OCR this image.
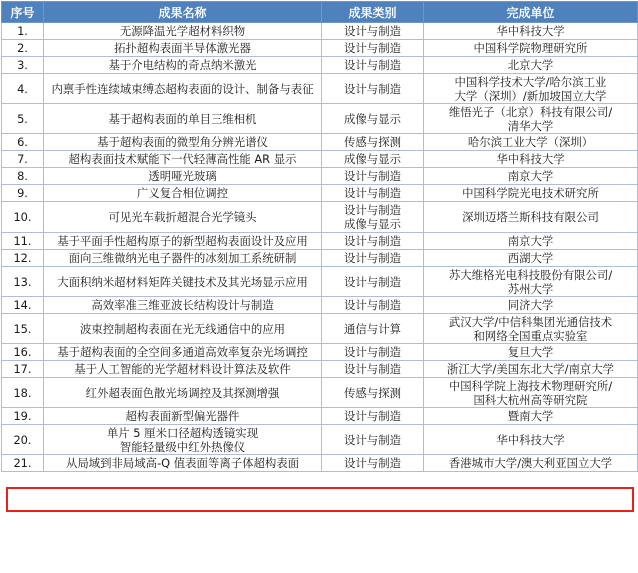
序号	成果名称	成果类别	完成单位
1.	无源降温光学超材料织物	设计与制造	华中科技大学

2.	拓扑超构表面半导体激光器	设计与制造	中国科学院物理研究所

3.	基于介电结构的奇点纳米激光	设计与制造	北京大学

4.	内禀手性连续域束缚态超构表面的设计、制备与表征	设计与制造	中国科学技术大学/哈尔滨工业
大学（深圳）/新加坡国立大学

5.	基于超构表面的单目三维相机	成像与显示	维悟光子（北京）科技有限公司/
清华大学

6.	基于超构表面的微型角分辨光谱仪	传感与探测	哈尔滨工业大学（深圳）

7.	超构表面技术赋能下一代轻薄高性能 AR 显示	成像与显示	华中科技大学

8.	透明哑光玻璃	设计与制造	南京大学

9.	广义复合相位调控	设计与制造	中国科学院光电技术研究所

10.	可见光车载折超混合光学镜头	设计与制造
成像与显示	深圳迈塔兰斯科技有限公司

11.	基于平面手性超构原子的新型超构表面设计及应用	设计与制造	南京大学

12.	面向三维微纳光电子器件的冰刻加工系统研制	设计与制造	西湖大学

13.	大面积纳米超材料矩阵关键技术及其光场显示应用	设计与制造	苏大维格光电科技股份有限公司/
苏州大学

14.	高效率准三维亚波长结构设计与制造	设计与制造	同济大学

15.	波束控制超构表面在光无线通信中的应用	通信与计算	武汉大学/中信科集团光通信技术
和网络全国重点实验室

16.	基于超构表面的全空间多通道高效率复杂光场调控	设计与制造	复旦大学

17.	基于人工智能的光学超材料设计算法及软件	设计与制造	浙江大学/美国东北大学/南京大学

18.	红外超表面色散光场调控及其探测增强	传感与探测	中国科学院上海技术物理研究所/
国科大杭州高等研究院

19.	超构表面新型偏光器件	设计与制造	暨南大学

20.	单片 5 厘米口径超构透镜实现
智能轻量级中红外热像仪	设计与制造	华中科技大学

21.	从局域到非局域高-Q 值表面等离子体超构表面	设计与制造	香港城市大学/澳大利亚国立大学
